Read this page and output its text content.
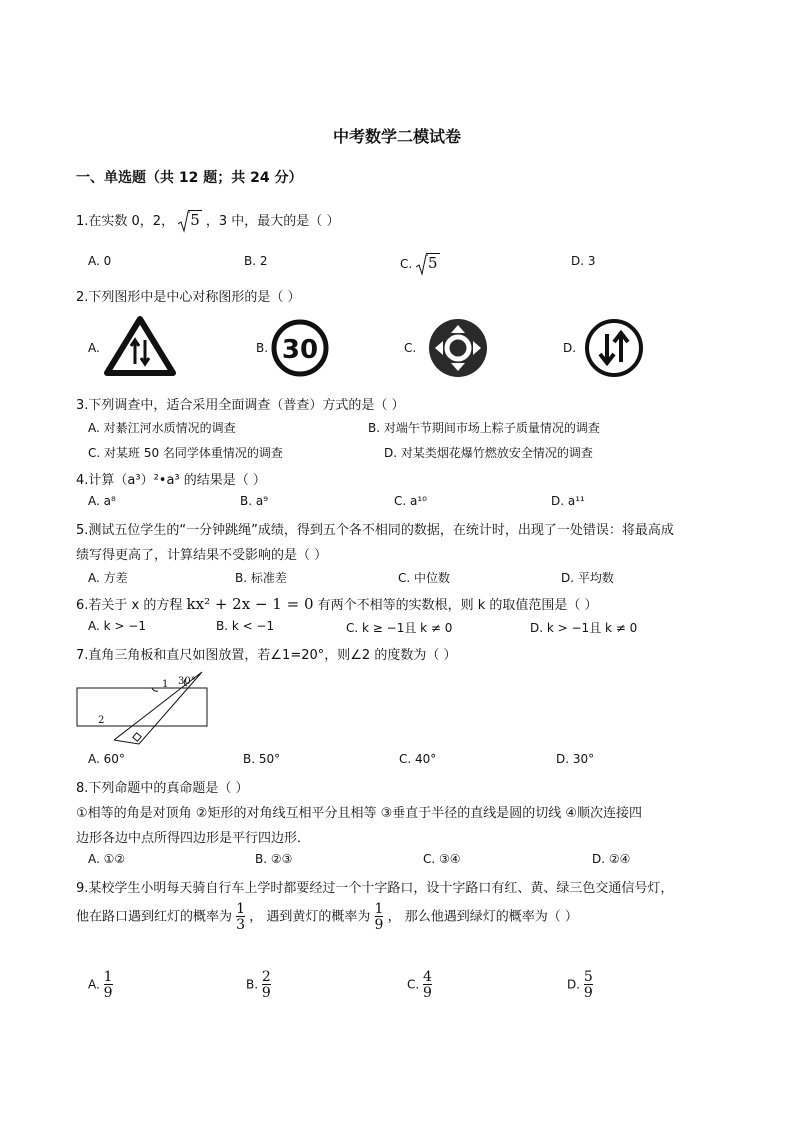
中考数学二模试卷
一、单选题（共 12 题；共 24 分）
1.在实数 0，2， 5 ，3 中，最大的是（ ）
A. 0	B. 2	C. 5	D. 3
2.下列图形中是中心对称图形的是（ ）
A.	B. 30	C.	D.
3.下列调查中，适合采用全面调查（普查）方式的是（ ）
A. 对綦江河水质情况的调查	B. 对端午节期间市场上粽子质量情况的调查
C. 对某班 50 名同学体重情况的调查	D. 对某类烟花爆竹燃放安全情况的调查
4.计算（a³）²•a³ 的结果是（ ）
A. a⁸	B. a⁹	C. a¹⁰	D. a¹¹
5.测试五位学生的“一分钟跳绳”成绩，得到五个各不相同的数据，在统计时，出现了一处错误：将最高成
绩写得更高了，计算结果不受影响的是（ ）
A. 方差	B. 标准差	C. 中位数	D. 平均数
6.若关于 x 的方程 kx² + 2x − 1 = 0 有两个不相等的实数根，则 k 的取值范围是（ ）
A. k > −1	B. k < −1	C. k ≥ −1且 k ≠ 0	D. k > −1且 k ≠ 0
7.直角三角板和直尺如图放置，若∠1=20°，则∠2 的度数为（ ）
30°
1
2
A. 60°	B. 50°	C. 40°	D. 30°
8.下列命题中的真命题是（ ）
①相等的角是对顶角 ②矩形的对角线互相平分且相等 ③垂直于半径的直线是圆的切线 ④顺次连接四
边形各边中点所得四边形是平行四边形．
A. ①②	B. ②③	C. ③④	D. ②④
9.某校学生小明每天骑自行车上学时都要经过一个十字路口，设十字路口有红、黄、绿三色交通信号灯，
他在路口遇到红灯的概率为 $\frac{1}{3}$ ， 遇到黄灯的概率为 $\frac{1}{9}$ ， 那么他遇到绿灯的概率为（ ）
A. $\frac{1}{9}$	B. $\frac{2}{9}$	C. $\frac{4}{9}$	D. $\frac{5}{9}$
